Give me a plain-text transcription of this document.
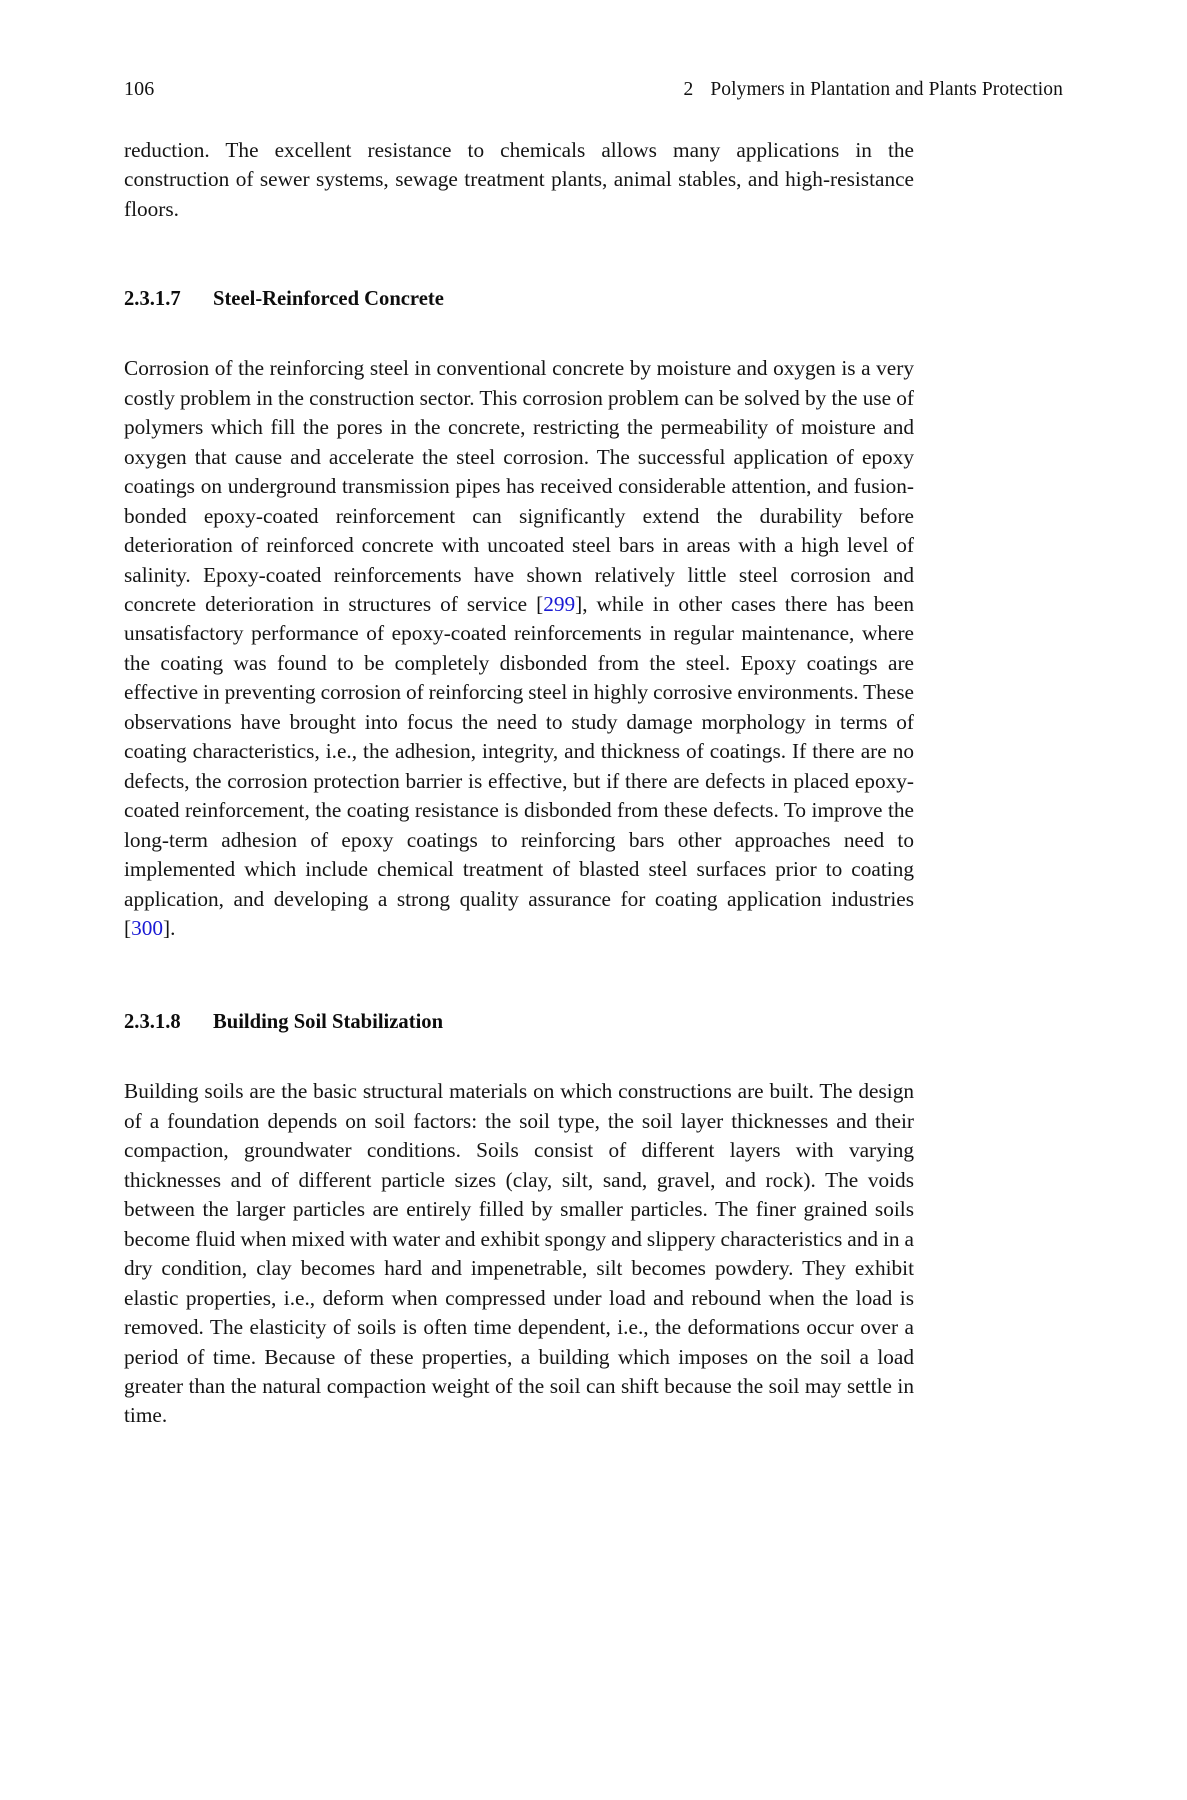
106	2 Polymers in Plantation and Plants Protection

reduction. The excellent resistance to chemicals allows many applications in the construction of sewer systems, sewage treatment plants, animal stables, and high-resistance floors.

2.3.1.7	Steel-Reinforced Concrete

Corrosion of the reinforcing steel in conventional concrete by moisture and oxygen is a very costly problem in the construction sector. This corrosion problem can be solved by the use of polymers which fill the pores in the concrete, restricting the permeability of moisture and oxygen that cause and accelerate the steel corrosion. The successful application of epoxy coatings on underground transmission pipes has received considerable attention, and fusion-bonded epoxy-coated reinforcement can significantly extend the durability before deterioration of reinforced concrete with uncoated steel bars in areas with a high level of salinity. Epoxy-coated reinforcements have shown relatively little steel corrosion and concrete deterioration in structures of service [299], while in other cases there has been unsatisfactory performance of epoxy-coated reinforcements in regular maintenance, where the coating was found to be completely disbonded from the steel. Epoxy coatings are effective in preventing corrosion of reinforcing steel in highly corrosive environments. These observations have brought into focus the need to study damage morphology in terms of coating characteristics, i.e., the adhesion, integrity, and thickness of coatings. If there are no defects, the corrosion protection barrier is effective, but if there are defects in placed epoxy-coated reinforcement, the coating resistance is disbonded from these defects. To improve the long-term adhesion of epoxy coatings to reinforcing bars other approaches need to implemented which include chemical treatment of blasted steel surfaces prior to coating application, and developing a strong quality assurance for coating application industries [300].

2.3.1.8	Building Soil Stabilization

Building soils are the basic structural materials on which constructions are built. The design of a foundation depends on soil factors: the soil type, the soil layer thicknesses and their compaction, groundwater conditions. Soils consist of different layers with varying thicknesses and of different particle sizes (clay, silt, sand, gravel, and rock). The voids between the larger particles are entirely filled by smaller particles. The finer grained soils become fluid when mixed with water and exhibit spongy and slippery characteristics and in a dry condition, clay becomes hard and impenetrable, silt becomes powdery. They exhibit elastic properties, i.e., deform when compressed under load and rebound when the load is removed. The elasticity of soils is often time dependent, i.e., the deformations occur over a period of time. Because of these properties, a building which imposes on the soil a load greater than the natural compaction weight of the soil can shift because the soil may settle in time.
